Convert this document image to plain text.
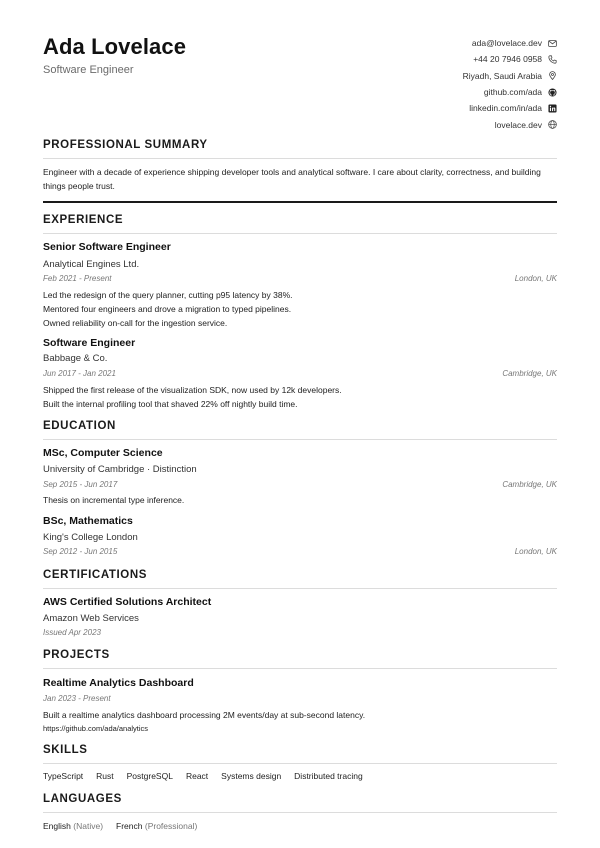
Ada Lovelace
Software Engineer
ada@lovelace.dev
+44 20 7946 0958
Riyadh, Saudi Arabia
github.com/ada
linkedin.com/in/ada
lovelace.dev
PROFESSIONAL SUMMARY
Engineer with a decade of experience shipping developer tools and analytical software. I care about clarity, correctness, and building things people trust.
EXPERIENCE
Senior Software Engineer
Analytical Engines Ltd.
Feb 2021 - Present	London, UK
Led the redesign of the query planner, cutting p95 latency by 38%.
Mentored four engineers and drove a migration to typed pipelines.
Owned reliability on-call for the ingestion service.
Software Engineer
Babbage & Co.
Jun 2017 - Jan 2021	Cambridge, UK
Shipped the first release of the visualization SDK, now used by 12k developers.
Built the internal profiling tool that shaved 22% off nightly build time.
EDUCATION
MSc, Computer Science
University of Cambridge · Distinction
Sep 2015 - Jun 2017	Cambridge, UK
Thesis on incremental type inference.
BSc, Mathematics
King's College London
Sep 2012 - Jun 2015	London, UK
CERTIFICATIONS
AWS Certified Solutions Architect
Amazon Web Services
Issued Apr 2023
PROJECTS
Realtime Analytics Dashboard
Jan 2023 - Present
Built a realtime analytics dashboard processing 2M events/day at sub-second latency.
https://github.com/ada/analytics
SKILLS
TypeScript Rust PostgreSQL React Systems design Distributed tracing
LANGUAGES
English (Native) French (Professional)
